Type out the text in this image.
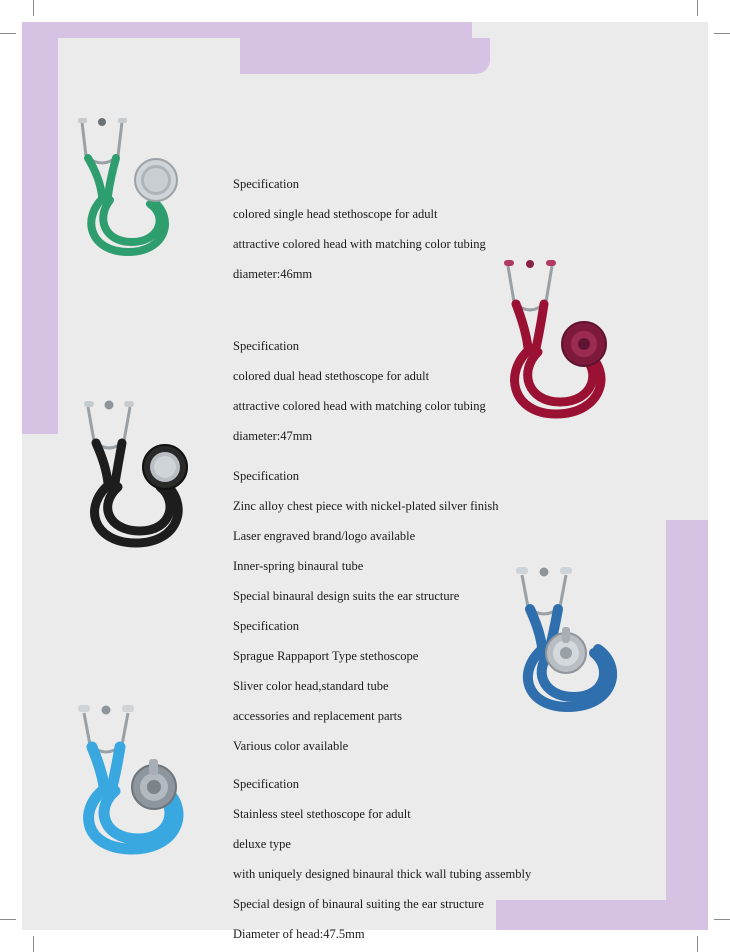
Specification

colored single head stethoscope for adult

attractive colored head with matching color tubing

diameter:46mm

Specification

colored dual head stethoscope for adult

attractive colored head with matching color tubing

diameter:47mm

Specification

Zinc alloy chest piece with nickel-plated silver finish

Laser engraved brand/logo available

Inner-spring binaural tube

Special binaural design suits the ear structure

Specification

Sprague Rappaport Type stethoscope

Sliver color head,standard tube

accessories and replacement parts

Various color available

Specification

Stainless steel stethoscope for adult

deluxe type

with uniquely designed binaural thick wall tubing assembly

Special design of binaural suiting the ear structure

Diameter of head:47.5mm
